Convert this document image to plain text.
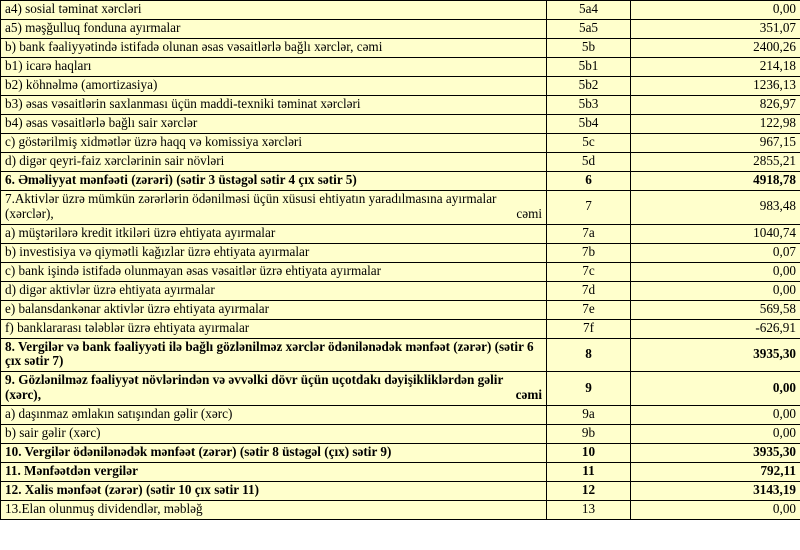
a4) sosial təminat xərcləri	5a4	0,00
a5) məşğulluq fonduna ayırmalar	5a5	351,07
b) bank fəaliyyətində istifadə olunan əsas vəsaitlərlə bağlı xərclər, cəmi	5b	2400,26
b1) icarə haqları	5b1	214,18
b2) köhnəlmə (amortizasiya)	5b2	1236,13
b3) əsas vəsaitlərin saxlanması üçün maddi-texniki təminat xərcləri	5b3	826,97
b4) əsas vəsaitlərlə bağlı sair xərclər	5b4	122,98
c) göstərilmiş xidmətlər üzrə haqq və komissiya xərcləri	5c	967,15
d) digər qeyri-faiz xərclərinin sair növləri	5d	2855,21
6. Əməliyyat mənfəəti (zərəri) (sətir 3 üstəgəl sətir 4 çıx sətir 5)	6	4918,78
7.Aktivlər üzrə mümkün zərərlərin ödənilməsi üçün xüsusi ehtiyatın yaradılmasına ayırmalar (xərclər), cəmi	7	983,48
a) müştərilərə kredit itkiləri üzrə ehtiyata ayırmalar	7a	1040,74
b) investisiya və qiymətli kağızlar üzrə ehtiyata ayırmalar	7b	0,07
c) bank işində istifadə olunmayan əsas vəsaitlər üzrə ehtiyata ayırmalar	7c	0,00
d) digər aktivlər üzrə ehtiyata ayırmalar	7d	0,00
e) balansdankənar aktivlər üzrə ehtiyata ayırmalar	7e	569,58
f) banklararası tələblər üzrə ehtiyata ayırmalar	7f	-626,91
8. Vergilər və bank fəaliyyəti ilə bağlı gözlənilməz xərclər ödənilənədək mənfəət (zərər) (sətir 6 çıx sətir 7)	8	3935,30
9. Gözlənilməz fəaliyyət növlərindən və əvvəlki dövr üçün uçotdakı dəyişikliklərdən gəlir (xərc), cəmi	9	0,00
a) daşınmaz əmlakın satışından gəlir (xərc)	9a	0,00
b) sair gəlir (xərc)	9b	0,00
10. Vergilər ödənilənədək mənfəət (zərər) (sətir 8 üstəgəl (çıx) sətir 9)	10	3935,30
11. Mənfəətdən vergilər	11	792,11
12. Xalis mənfəət (zərər) (sətir 10 çıx sətir 11)	12	3143,19
13.Elan olunmuş dividendlər, məbləğ	13	0,00
